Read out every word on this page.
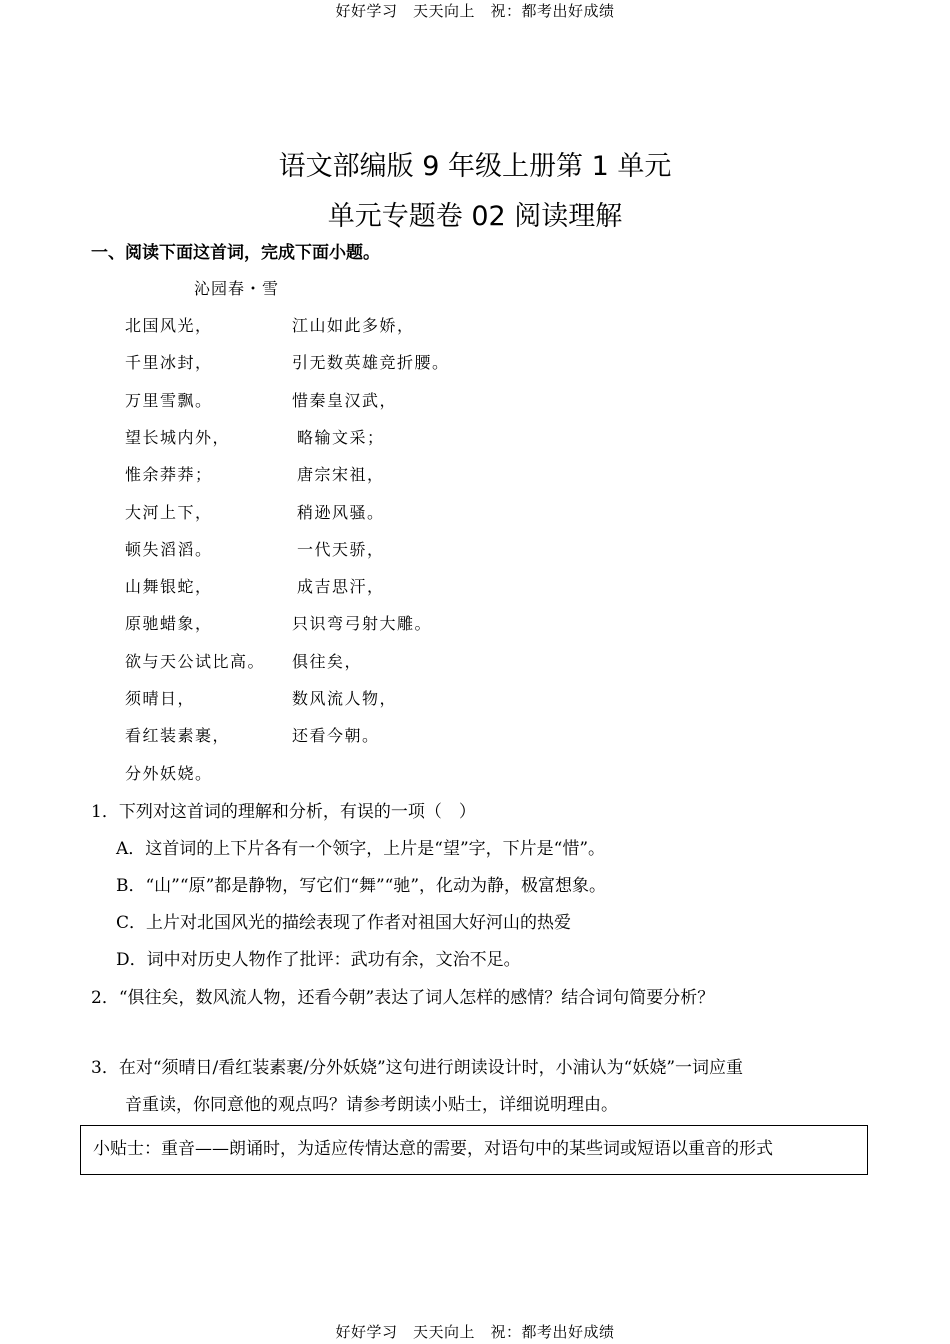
好好学习　天天向上　祝：都考出好成绩
语文部编版 9 年级上册第 1 单元
单元专题卷 02 阅读理解
一、阅读下面这首词，完成下面小题。
沁园春・雪
北国风光，	江山如此多娇，
千里冰封，	引无数英雄竞折腰。
万里雪飘。	惜秦皇汉武，
望长城内外，	略输文采；
惟余莽莽；	唐宗宋祖，
大河上下，	稍逊风骚。
顿失滔滔。	一代天骄，
山舞银蛇，	成吉思汗，
原驰蜡象，	只识弯弓射大雕。
欲与天公试比高。 俱往矣，
须晴日，	数风流人物，
看红装素裹，	还看今朝。
分外妖娆。
1．下列对这首词的理解和分析，有误的一项（　）
A．这首词的上下片各有一个领字，上片是“望”字，下片是“惜”。
B．“山”“原”都是静物，写它们“舞”“驰”，化动为静，极富想象。
C．上片对北国风光的描绘表现了作者对祖国大好河山的热爱
D．词中对历史人物作了批评：武功有余，文治不足。
2．“俱往矣，数风流人物，还看今朝”表达了词人怎样的感情？结合词句简要分析？
3．在对“须晴日/看红装素裹/分外妖娆”这句进行朗读设计时，小浦认为“妖娆”一词应重
音重读，你同意他的观点吗？请参考朗读小贴士，详细说明理由。
小贴士：重音——朗诵时，为适应传情达意的需要，对语句中的某些词或短语以重音的形式
好好学习　天天向上　祝：都考出好成绩
